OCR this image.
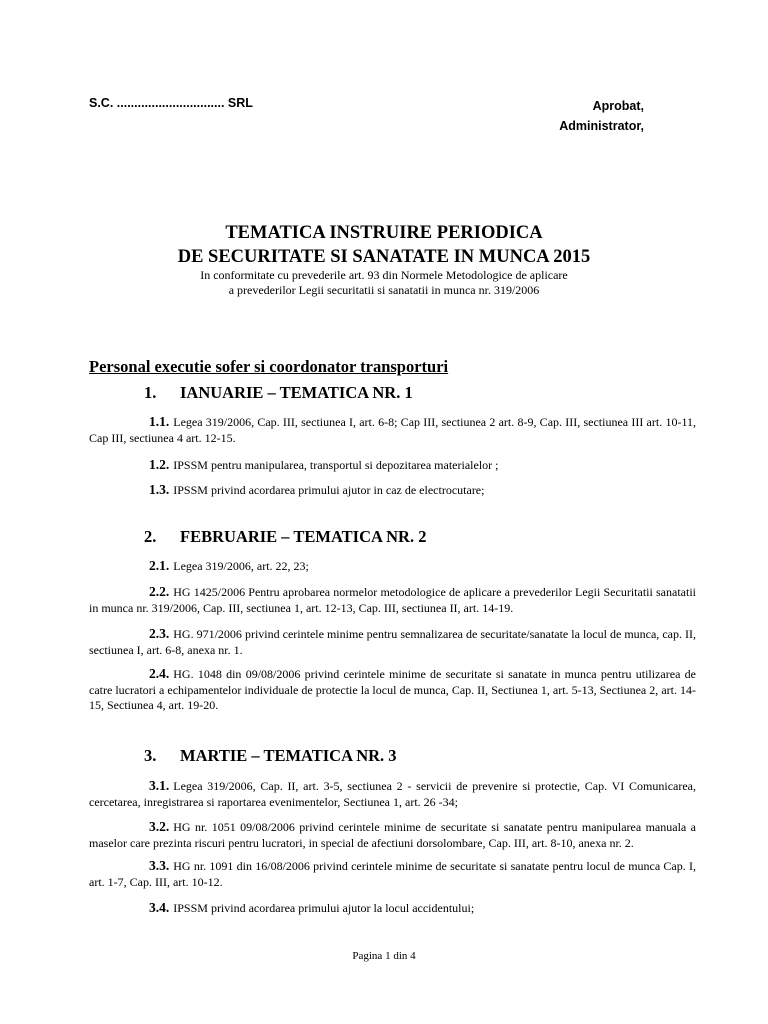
S.C. ............................... SRL	Aprobat,
Administrator,
TEMATICA INSTRUIRE PERIODICA
DE SECURITATE SI SANATATE IN MUNCA 2015
In conformitate cu prevederile art. 93 din Normele Metodologice de aplicare a prevederilor Legii securitatii si sanatatii in munca nr. 319/2006
Personal executie sofer si coordonator transporturi
1. IANUARIE – TEMATICA NR. 1
1.1. Legea 319/2006, Cap. III, sectiunea I, art. 6-8; Cap III, sectiunea 2 art. 8-9, Cap. III, sectiunea III art. 10-11, Cap III, sectiunea 4 art. 12-15.
1.2. IPSSM pentru manipularea, transportul si depozitarea materialelor ;
1.3. IPSSM privind acordarea primului ajutor in caz de electrocutare;
2. FEBRUARIE – TEMATICA NR. 2
2.1. Legea 319/2006, art. 22, 23;
2.2. HG 1425/2006 Pentru aprobarea normelor metodologice de aplicare a prevederilor Legii Securitatii sanatatii in munca nr. 319/2006, Cap. III, sectiunea 1, art. 12-13, Cap. III, sectiunea II, art. 14-19.
2.3. HG. 971/2006 privind cerintele minime pentru semnalizarea de securitate/sanatate la locul de munca, cap. II, sectiunea I, art. 6-8, anexa nr. 1.
2.4. HG. 1048 din 09/08/2006 privind cerintele minime de securitate si sanatate in munca pentru utilizarea de catre lucratori a echipamentelor individuale de protectie la locul de munca, Cap. II, Sectiunea 1, art. 5-13, Sectiunea 2, art. 14-15, Sectiunea 4, art. 19-20.
3. MARTIE – TEMATICA NR. 3
3.1. Legea 319/2006, Cap. II, art. 3-5, sectiunea 2 - servicii de prevenire si protectie, Cap. VI Comunicarea, cercetarea, inregistrarea si raportarea evenimentelor, Sectiunea 1, art. 26 -34;
3.2. HG nr. 1051 09/08/2006 privind cerintele minime de securitate si sanatate pentru manipularea manuala a maselor care prezinta riscuri pentru lucratori, in special de afectiuni dorsolombare, Cap. III, art. 8-10, anexa nr. 2.
3.3. HG nr. 1091 din 16/08/2006 privind cerintele minime de securitate si sanatate pentru locul de munca Cap. I, art. 1-7, Cap. III, art. 10-12.
3.4. IPSSM privind acordarea primului ajutor la locul accidentului;
Pagina 1 din 4
